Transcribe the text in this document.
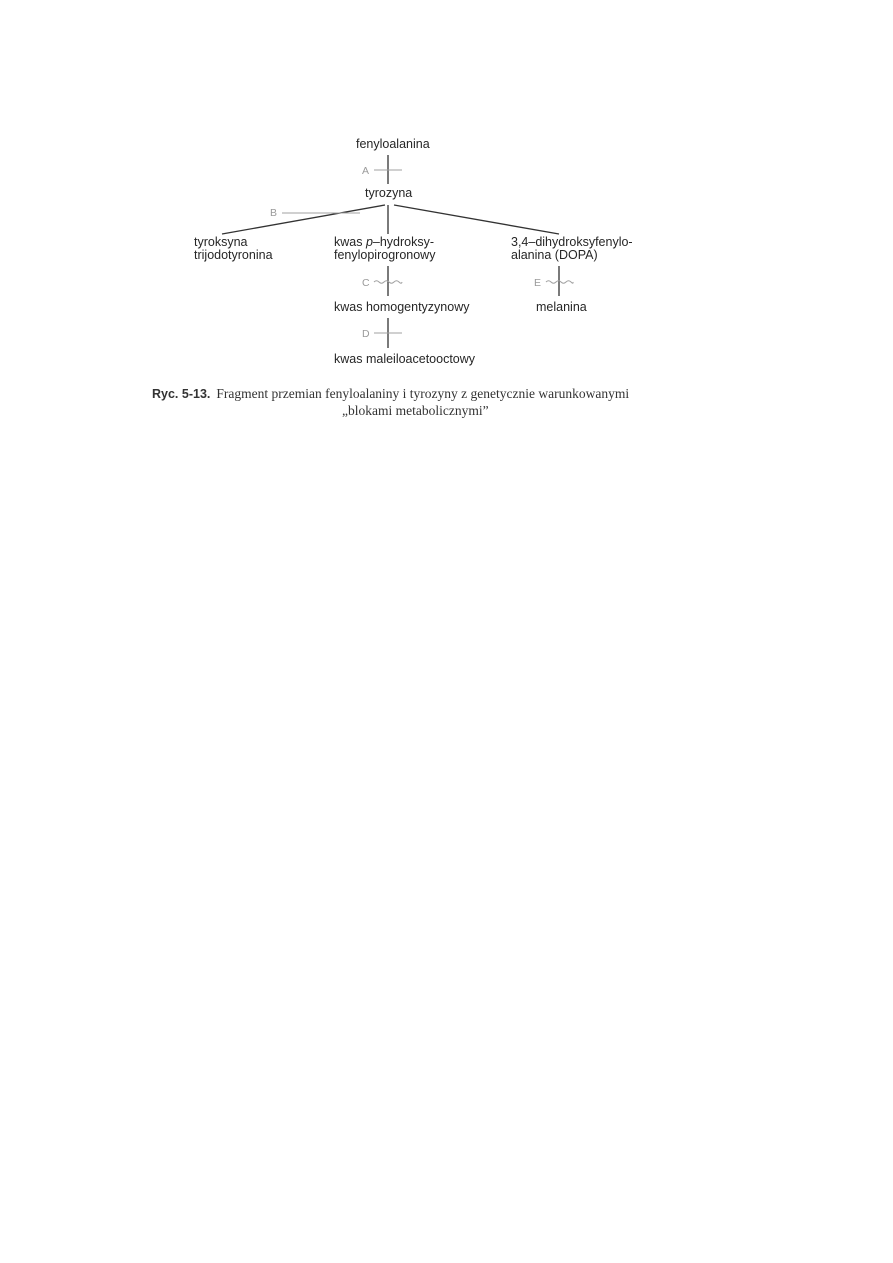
fenyloalanina
A
tyrozyna
B
tyroksyna
trijodotyronina
kwas p–hydroksy-
fenylopirogronowy
3,4–dihydroksyfenylo-
alanina (DOPA)
C	E
kwas homogentyzynowy	melanina
D
kwas maleiloacetooctowy
Ryc. 5-13. Fragment przemian fenyloalaniny i tyrozyny z genetycznie warunkowanymi
„blokami metabolicznymi”
